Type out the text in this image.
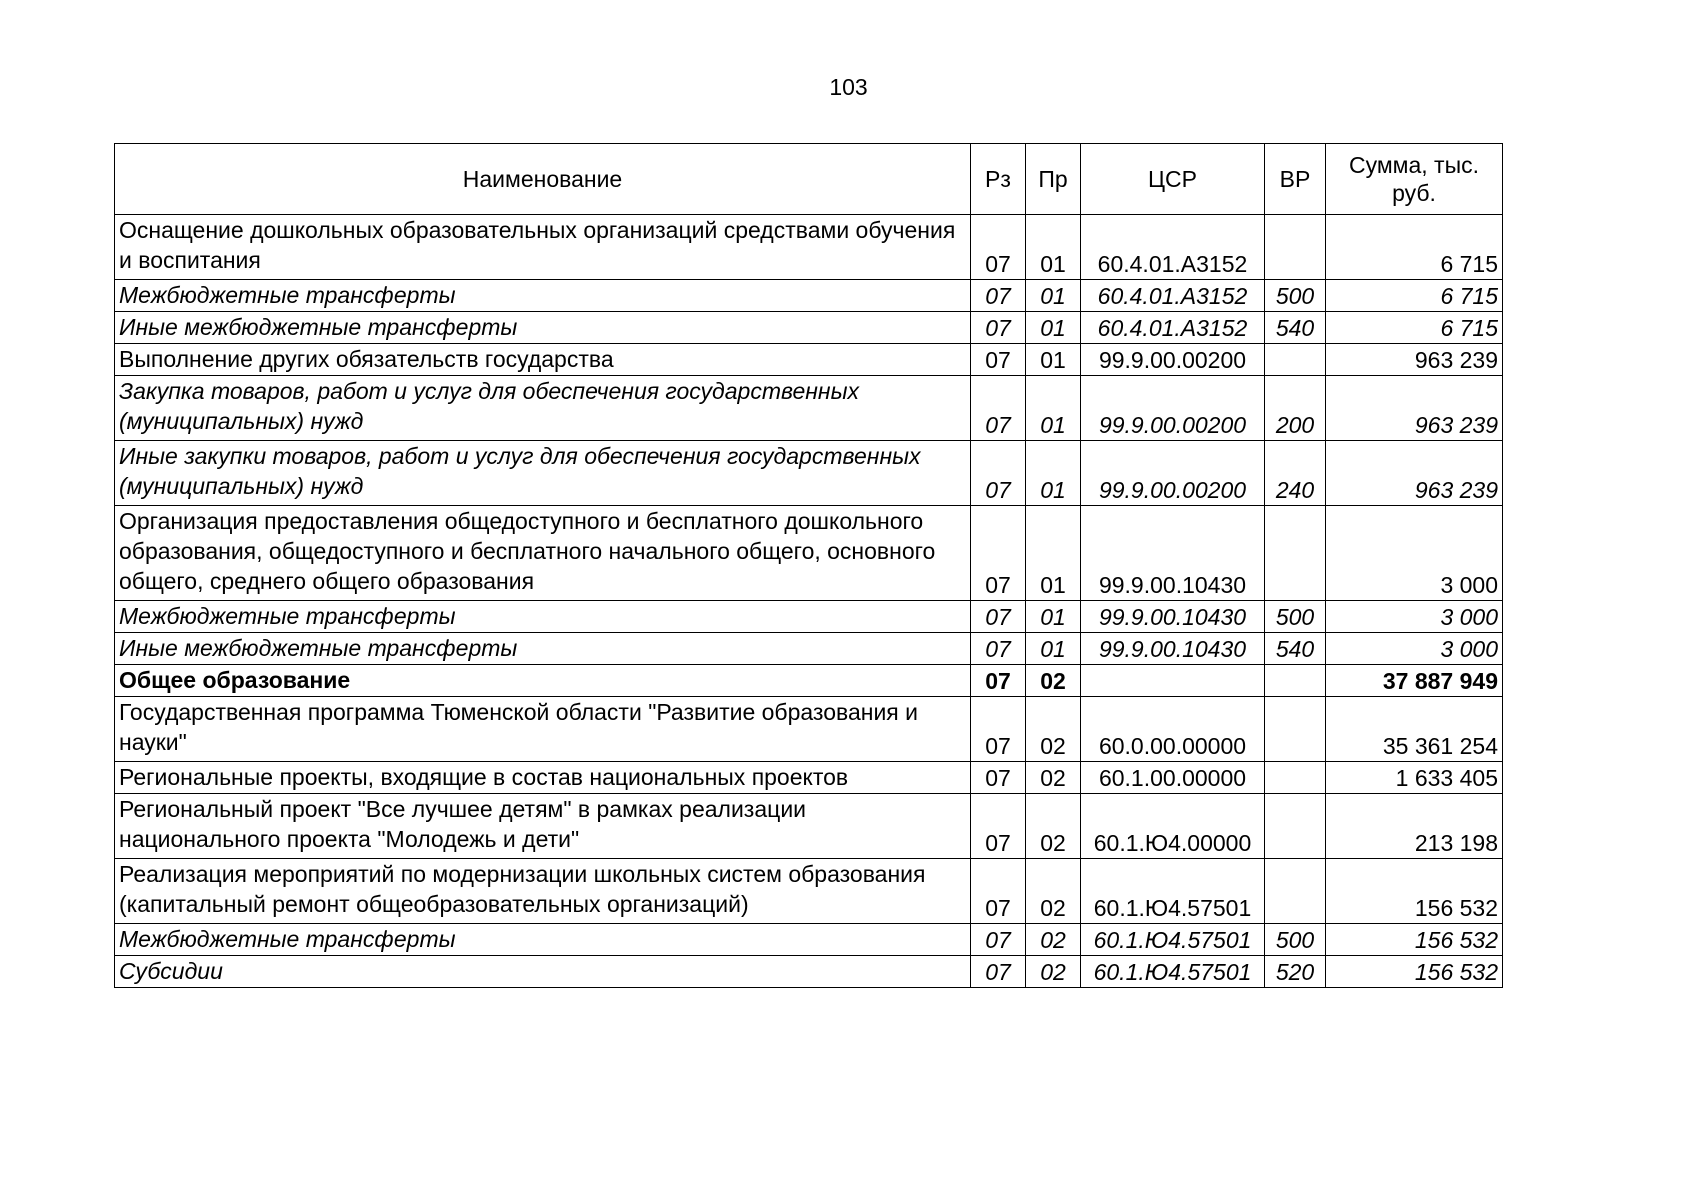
103
Наименование	Рз	Пр	ЦСР	ВР	Сумма, тыс. руб.
Оснащение дошкольных образовательных организаций средствами обучения и воспитания	07	01	60.4.01.А3152		6 715
Межбюджетные трансферты	07	01	60.4.01.А3152	500	6 715
Иные межбюджетные трансферты	07	01	60.4.01.А3152	540	6 715
Выполнение других обязательств государства	07	01	99.9.00.00200		963 239
Закупка товаров, работ и услуг для обеспечения государственных (муниципальных) нужд	07	01	99.9.00.00200	200	963 239
Иные закупки товаров, работ и услуг для обеспечения государственных (муниципальных) нужд	07	01	99.9.00.00200	240	963 239
Организация предоставления общедоступного и бесплатного дошкольного образования, общедоступного и бесплатного начального общего, основного общего, среднего общего образования	07	01	99.9.00.10430		3 000
Межбюджетные трансферты	07	01	99.9.00.10430	500	3 000
Иные межбюджетные трансферты	07	01	99.9.00.10430	540	3 000
Общее образование	07	02			37 887 949
Государственная программа Тюменской области "Развитие образования и науки"	07	02	60.0.00.00000		35 361 254
Региональные проекты, входящие в состав национальных проектов	07	02	60.1.00.00000		1 633 405
Региональный проект "Все лучшее детям" в рамках реализации национального проекта "Молодежь и дети"	07	02	60.1.Ю4.00000		213 198
Реализация мероприятий по модернизации школьных систем образования (капитальный ремонт общеобразовательных организаций)	07	02	60.1.Ю4.57501		156 532
Межбюджетные трансферты	07	02	60.1.Ю4.57501	500	156 532
Субсидии	07	02	60.1.Ю4.57501	520	156 532
